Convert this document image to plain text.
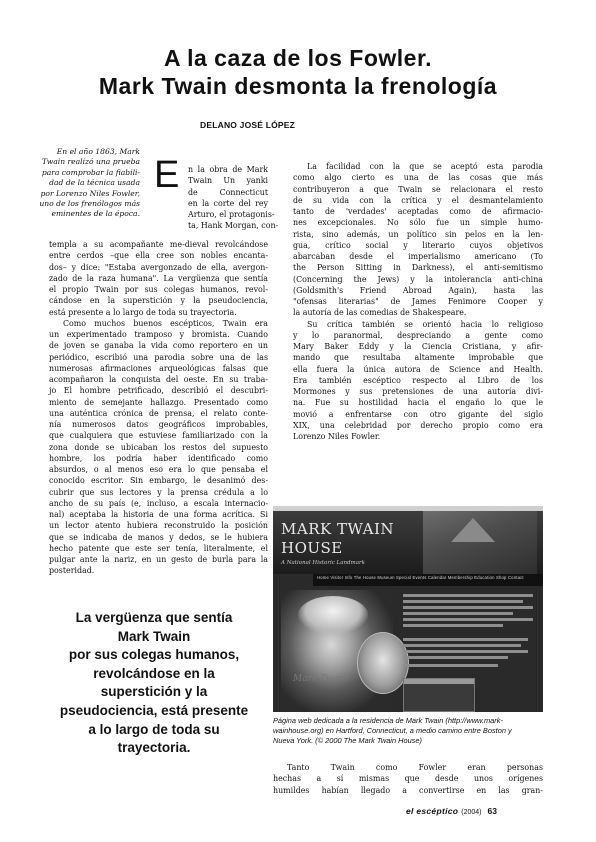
A la caza de los Fowler.
Mark Twain desmonta la frenología
DELANO JOSÉ LÓPEZ
En el año 1863, Mark
Twain realizó una prueba
para comprobar la fiabili-
dad de la técnica usada
por Lorenzo Niles Fowler,
uno de los frenólogos más
eminentes de la época.
E n la obra de Mark
Twain Un yanki
de Connecticut
en la corte del rey
Arturo, el protagonis-
ta, Hank Morgan, con-
templa a su acompañante me-dieval revolcándose
entre cerdos –que ella cree son nobles encanta-
dos– y dice: "Estaba avergonzado de ella, avergon-
zado de la raza humana". La vergüenza que sentía
el propio Twain por sus colegas humanos, revol-
cándose en la superstición y la pseudociencia,
está presente a lo largo de toda su trayectoria.
Como muchos buenos escépticos, Twain era
un experimentado tramposo y bromista. Cuando
de joven se ganaba la vida como reportero en un
periódico, escribió una parodia sobre una de las
numerosas afirmaciones arqueológicas falsas que
acompañaron la conquista del oeste. En su traba-
jo El hombre petrificado, describió el descubri-
miento de semejante hallazgo. Presentado como
una auténtica crónica de prensa, el relato conte-
nía numerosos datos geográficos improbables,
que cualquiera que estuviese familiarizado con la
zona donde se ubicaban los restos del supuesto
hombre, los podría haber identificado como
absurdos, o al menos eso era lo que pensaba el
conocido escritor. Sin embargo, le desanimó des-
cubrir que sus lectores y la prensa crédula a lo
ancho de su país (e, incluso, a escala internacio-
nal) aceptaba la historia de una forma acrítica. Si
un lector atento hubiera reconstruido la posición
que se indicaba de manos y dedos, se le hubiera
hecho patente que este ser tenía, literalmente, el
pulgar ante la nariz, en un gesto de burla para la
posteridad.
La vergüenza que sentía
Mark Twain
por sus colegas humanos,
revolcándose en la
superstición y la
pseudociencia, está presente
a lo largo de toda su
trayectoria.
La facilidad con la que se aceptó esta parodia
como algo cierto es una de las cosas que más
contribuyeron a que Twain se relacionara el resto
de su vida con la crítica y el desmantelamiento
tanto de 'verdades' aceptadas como de afirmacio-
nes excepcionales. No sólo fue un simple humo-
rista, sino además, un político sin pelos en la len-
gua, crítico social y literario cuyos objetivos
abarcaban desde el imperialismo americano (To
the Person Sitting in Darkness), el anti-semitismo
(Concerning the Jews) y la intolerancia anti-china
(Goldsmith's Friend Abroad Again), hasta las
"ofensas literarias" de James Fenimore Cooper y
la autoría de las comedias de Shakespeare.
Su crítica también se orientó hacia lo religioso
y lo paranormal, despreciando a gente como
Mary Baker Eddy y la Ciencia Cristiana, y afir-
mando que resultaba altamente improbable que
ella fuera la única autora de Science and Health.
Era también escéptico respecto al Libro de los
Mormones y sus pretensiones de una autoría divi-
na. Fue su hostilidad hacia el engaño lo que le
movió a enfrentarse con otro gigante del siglo
XIX, una celebridad por derecho propio como era
Lorenzo Niles Fowler.
MARK TWAIN
HOUSE
A National Historic Landmark
Home Visitor Info The House Museum Special Events Calendar Membership Education Shop Contact
Mark Twain
Página web dedicada a la residencia de Mark Twain (http://www.mark-
wainhouse.org) en Hartford, Connecticut, a medio camino entre Boston y
Nueva York. (© 2000 The Mark Twain House)
Tanto Twain como Fowler eran personas
hechas a sí mismas que desde unos orígenes
humildes habían llegado a convertirse en las gran-
el escéptico (2004) 63
